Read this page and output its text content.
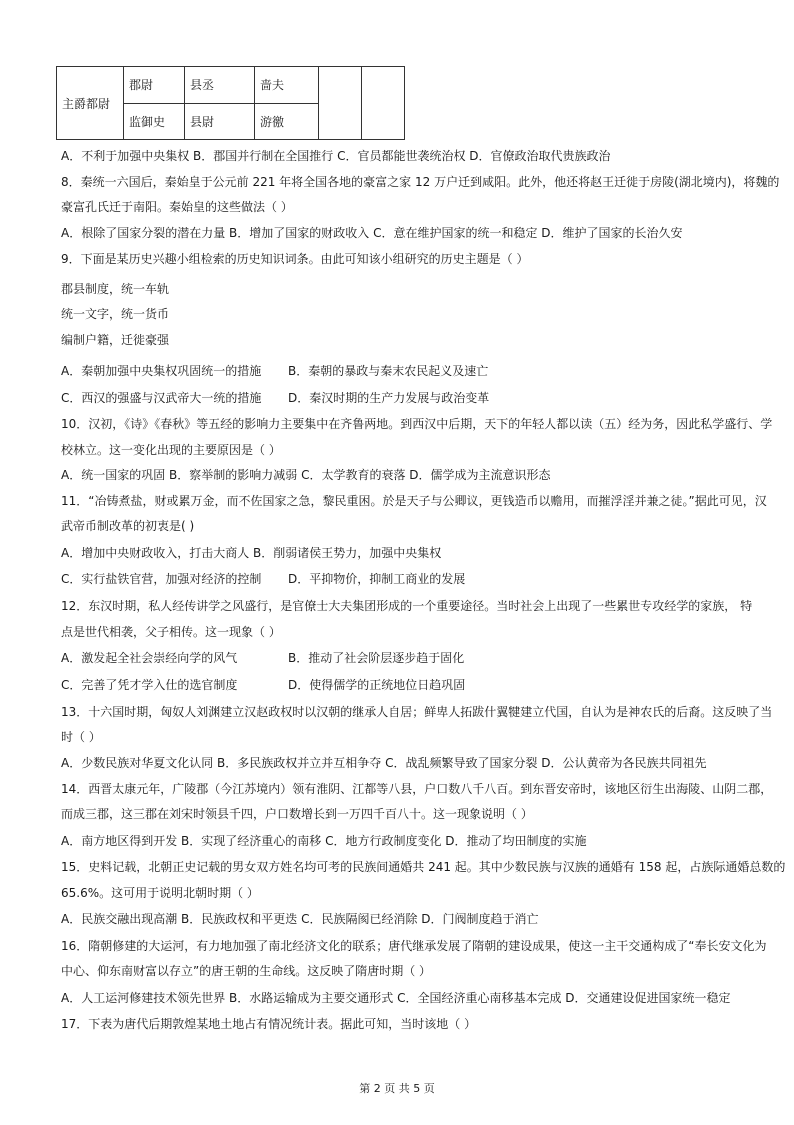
主爵都尉	郡尉	县丞	啬夫		

	监御史	县尉	游徼		
A．不利于加强中央集权 B．郡国并行制在全国推行 C．官员都能世袭统治权 D．官僚政治取代贵族政治
8．秦统一六国后，秦始皇于公元前 221 年将全国各地的豪富之家 12 万户迁到咸阳。此外，他还将赵王迁徙于房陵(湖北境内)，将魏的
豪富孔氏迁于南阳。秦始皇的这些做法（ ）
A．根除了国家分裂的潜在力量 B．增加了国家的财政收入 C．意在维护国家的统一和稳定 D．维护了国家的长治久安
9．下面是某历史兴趣小组检索的历史知识词条。由此可知该小组研究的历史主题是（ ）
郡县制度，统一车轨
统一文字，统一货币
编制户籍，迁徙豪强
A．秦朝加强中央集权巩固统一的措施 B．秦朝的暴政与秦末农民起义及速亡
C．西汉的强盛与汉武帝大一统的措施 D．秦汉时期的生产力发展与政治变革
10．汉初，《诗》《春秋》等五经的影响力主要集中在齐鲁两地。到西汉中后期，天下的年轻人都以读（五）经为务，因此私学盛行、学
校林立。这一变化出现的主要原因是（ ）
A．统一国家的巩固 B．察举制的影响力减弱 C．太学教育的衰落 D．儒学成为主流意识形态
11．“冶铸煮盐，财或累万金，而不佐国家之急，黎民重困。於是天子与公卿议，更钱造币以赡用，而摧浮淫并兼之徒。”据此可见，汉
武帝币制改革的初衷是( )
A．增加中央财政收入，打击大商人 B．削弱诸侯王势力，加强中央集权
C．实行盐铁官营，加强对经济的控制 D．平抑物价，抑制工商业的发展
12．东汉时期，私人经传讲学之风盛行，是官僚士大夫集团形成的一个重要途径。当时社会上出现了一些累世专攻经学的家族， 特
点是世代相袭，父子相传。这一现象（ ）
A．激发起全社会崇经向学的风气	B．推动了社会阶层逐步趋于固化
C．完善了凭才学入仕的选官制度	D．使得儒学的正统地位日趋巩固
13．十六国时期，匈奴人刘渊建立汉赵政权时以汉朝的继承人自居；鲜卑人拓跋什翼犍建立代国，自认为是神农氏的后裔。这反映了当
时（ ）
A．少数民族对华夏文化认同 B．多民族政权并立并互相争夺 C．战乱频繁导致了国家分裂 D．公认黄帝为各民族共同祖先
14．西晋太康元年，广陵郡（今江苏境内）领有淮阴、江都等八县，户口数八千八百。到东晋安帝时，该地区衍生出海陵、山阴二郡，
而成三郡，这三郡在刘宋时领县千四，户口数增长到一万四千百八十。这一现象说明（ ）
A．南方地区得到开发 B．实现了经济重心的南移 C．地方行政制度变化 D．推动了均田制度的实施
15．史料记载，北朝正史记载的男女双方姓名均可考的民族间通婚共 241 起。其中少数民族与汉族的通婚有 158 起，占族际通婚总数的
65.6%。这可用于说明北朝时期（ ）
A．民族交融出现高潮 B．民族政权和平更迭 C．民族隔阂已经消除 D．门阀制度趋于消亡
16．隋朝修建的大运河，有力地加强了南北经济文化的联系；唐代继承发展了隋朝的建设成果，使这一主干交通构成了“奉长安文化为
中心、仰东南财富以存立”的唐王朝的生命线。这反映了隋唐时期（ ）
A．人工运河修建技术领先世界 B．水路运输成为主要交通形式 C．全国经济重心南移基本完成 D．交通建设促进国家统一稳定
17．下表为唐代后期敦煌某地土地占有情况统计表。据此可知，当时该地（ ）
第 2 页 共 5 页
